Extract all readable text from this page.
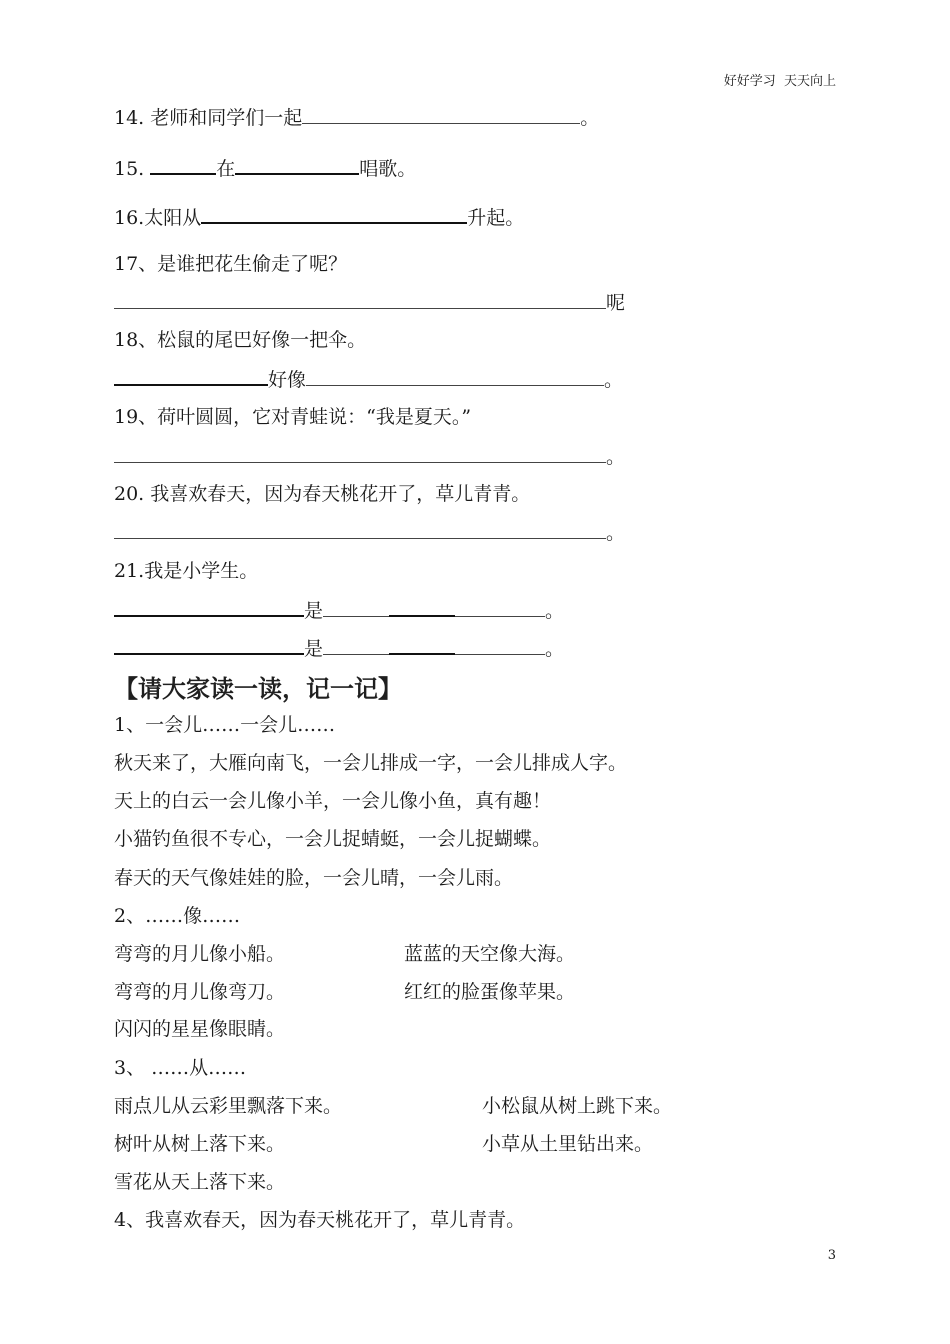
好好学习  天天向上
14. 老师和同学们一起	。
15.	在	唱歌。
16.太阳从	升起。
17、是谁把花生偷走了呢？
呢
18、松鼠的尾巴好像一把伞。
好像	。
19、荷叶圆圆，它对青蛙说：“我是夏天。”
。
20. 我喜欢春天，因为春天桃花开了，草儿青青。
。
21.我是小学生。
是	。
是	。
【请大家读一读，记一记】
1、一会儿……一会儿……
秋天来了，大雁向南飞，一会儿排成一字，一会儿排成人字。
天上的白云一会儿像小羊，一会儿像小鱼，真有趣！
小猫钓鱼很不专心，一会儿捉蜻蜓，一会儿捉蝴蝶。
春天的天气像娃娃的脸，一会儿晴，一会儿雨。
2、……像……
弯弯的月儿像小船。	蓝蓝的天空像大海。
弯弯的月儿像弯刀。	红红的脸蛋像苹果。
闪闪的星星像眼睛。
3、 ……从……
雨点儿从云彩里飘落下来。	小松鼠从树上跳下来。
树叶从树上落下来。	小草从土里钻出来。
雪花从天上落下来。
4、我喜欢春天，因为春天桃花开了，草儿青青。
3
